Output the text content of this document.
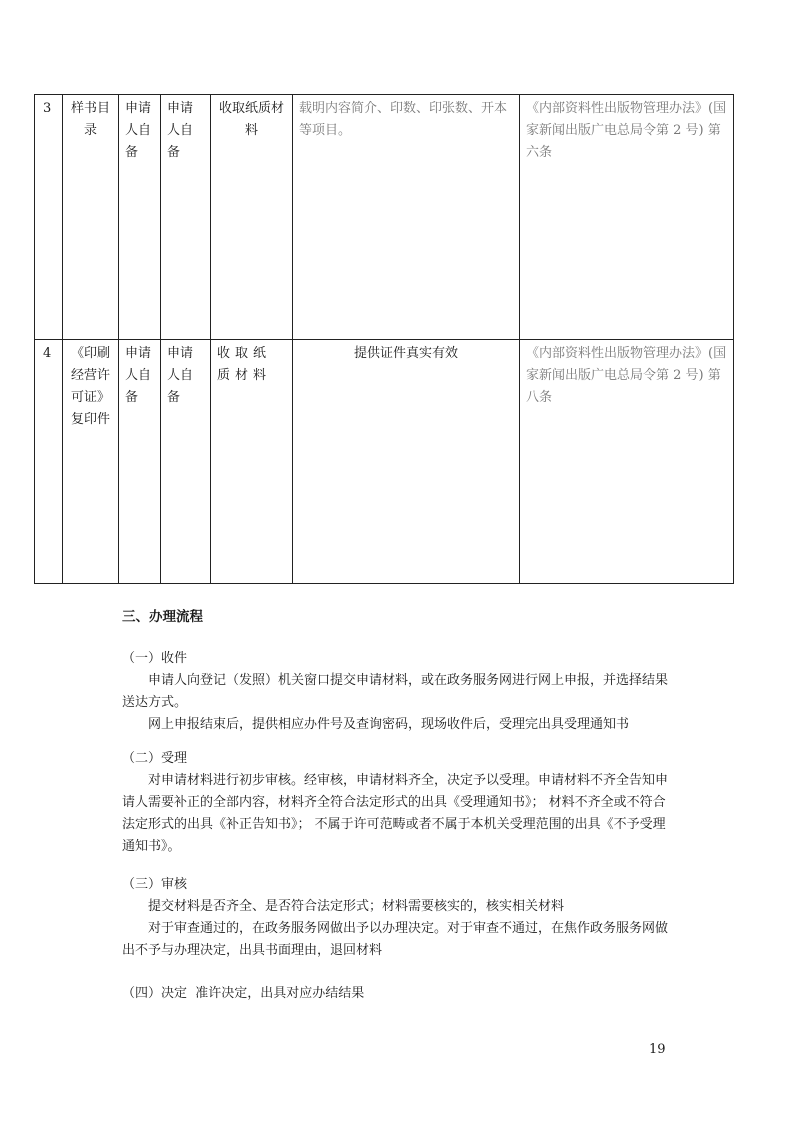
3	样书目录	申请人自备	申请人自备	收取纸质材料	载明内容简介、印数、印张数、开本等项目。	《内部资料性出版物管理办法》(国家新闻出版广电总局令第 2 号) 第六条
4	《印刷经营许可证》复印件	申请人自备	申请人自备	收取纸质材料	提供证件真实有效	《内部资料性出版物管理办法》(国家新闻出版广电总局令第 2 号) 第八条
三、办理流程

（一）收件

申请人向登记（发照）机关窗口提交申请材料，或在政务服务网进行网上申报，并选择结果送达方式。

网上申报结束后，提供相应办件号及查询密码，现场收件后，受理完出具受理通知书

（二）受理

对申请材料进行初步审核。经审核，申请材料齐全，决定予以受理。申请材料不齐全告知申请人需要补正的全部内容，材料齐全符合法定形式的出具《受理通知书》； 材料不齐全或不符合法定形式的出具《补正告知书》； 不属于许可范畴或者不属于本机关受理范围的出具《不予受理通知书》。

（三）审核

提交材料是否齐全、是否符合法定形式；材料需要核实的，核实相关材料

对于审查通过的，在政务服务网做出予以办理决定。对于审查不通过，在焦作政务服务网做出不予与办理决定，出具书面理由，退回材料

（四）决定 准许决定，出具对应办结结果

19
